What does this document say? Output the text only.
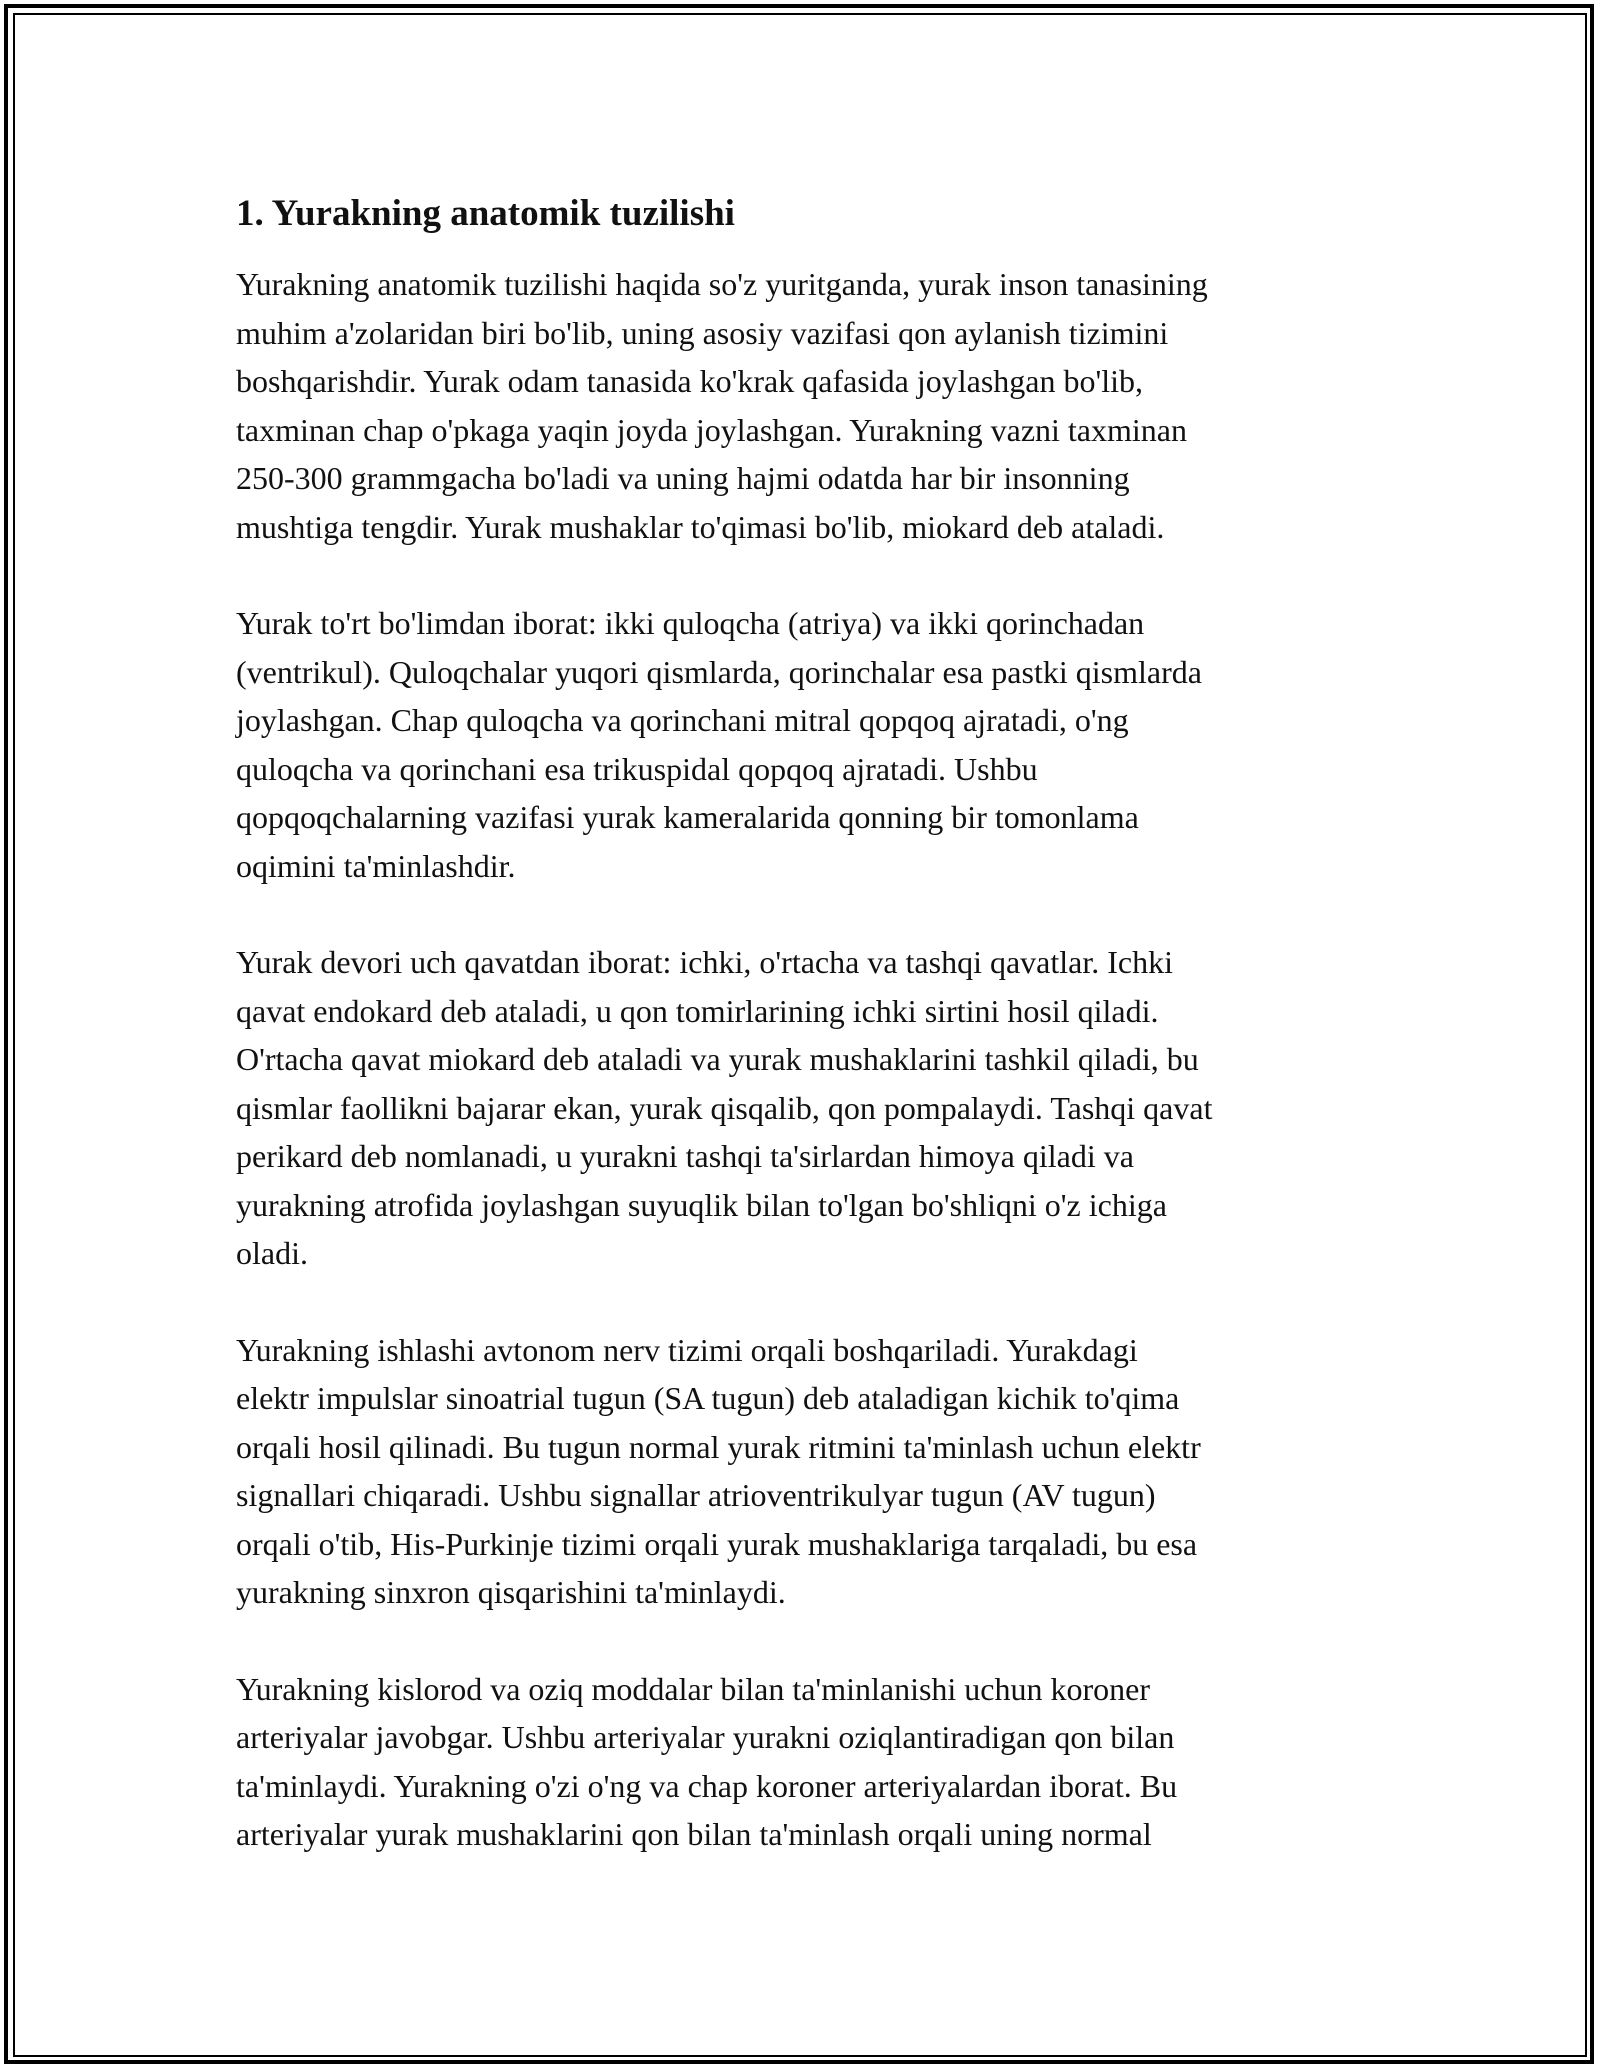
1. Yurakning anatomik tuzilishi

Yurakning anatomik tuzilishi haqida so'z yuritganda, yurak inson tanasining
muhim a'zolaridan biri bo'lib, uning asosiy vazifasi qon aylanish tizimini
boshqarishdir. Yurak odam tanasida ko'krak qafasida joylashgan bo'lib,
taxminan chap o'pkaga yaqin joyda joylashgan. Yurakning vazni taxminan
250-300 grammgacha bo'ladi va uning hajmi odatda har bir insonning
mushtiga tengdir. Yurak mushaklar to'qimasi bo'lib, miokard deb ataladi.

Yurak to'rt bo'limdan iborat: ikki quloqcha (atriya) va ikki qorinchadan
(ventrikul). Quloqchalar yuqori qismlarda, qorinchalar esa pastki qismlarda
joylashgan. Chap quloqcha va qorinchani mitral qopqoq ajratadi, o'ng
quloqcha va qorinchani esa trikuspidal qopqoq ajratadi. Ushbu
qopqoqchalarning vazifasi yurak kameralarida qonning bir tomonlama
oqimini ta'minlashdir.

Yurak devori uch qavatdan iborat: ichki, o'rtacha va tashqi qavatlar. Ichki
qavat endokard deb ataladi, u qon tomirlarining ichki sirtini hosil qiladi.
O'rtacha qavat miokard deb ataladi va yurak mushaklarini tashkil qiladi, bu
qismlar faollikni bajarar ekan, yurak qisqalib, qon pompalaydi. Tashqi qavat
perikard deb nomlanadi, u yurakni tashqi ta'sirlardan himoya qiladi va
yurakning atrofida joylashgan suyuqlik bilan to'lgan bo'shliqni o'z ichiga
oladi.

Yurakning ishlashi avtonom nerv tizimi orqali boshqariladi. Yurakdagi
elektr impulslar sinoatrial tugun (SA tugun) deb ataladigan kichik to'qima
orqali hosil qilinadi. Bu tugun normal yurak ritmini ta'minlash uchun elektr
signallari chiqaradi. Ushbu signallar atrioventrikulyar tugun (AV tugun)
orqali o'tib, His-Purkinje tizimi orqali yurak mushaklariga tarqaladi, bu esa
yurakning sinxron qisqarishini ta'minlaydi.

Yurakning kislorod va oziq moddalar bilan ta'minlanishi uchun koroner
arteriyalar javobgar. Ushbu arteriyalar yurakni oziqlantiradigan qon bilan
ta'minlaydi. Yurakning o'zi o'ng va chap koroner arteriyalardan iborat. Bu
arteriyalar yurak mushaklarini qon bilan ta'minlash orqali uning normal
